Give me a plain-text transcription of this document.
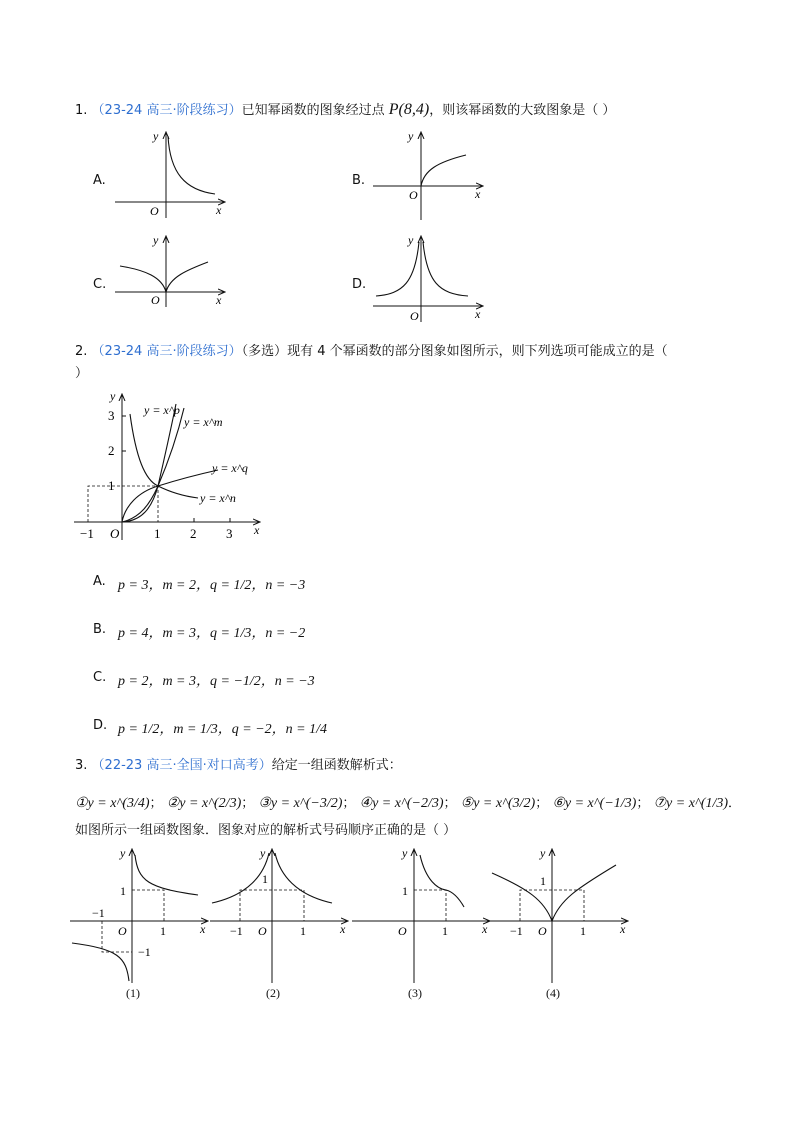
1. （23-24 高三·阶段练习）已知幂函数的图象经过点 P(8,4)，则该幂函数的大致图象是（ ）
A.	B.
C.	D.
y
x
O
y
x
O
y
x
O
y
x
O
2. （23-24 高三·阶段练习）（多选）现有 4 个幂函数的部分图象如图所示，则下列选项可能成立的是（
）
y
x
O
−1	1 2 3
1
2
3 y = x^p
y = x^m
y = x^q
y = x^n
A. p = 3，m = 2，q = 1/2，n = −3
B. p = 4，m = 3，q = 1/3，n = −2
C. p = 2，m = 3，q = −1/2，n = −3
D. p = 1/2，m = 1/3，q = −2，n = 1/4
3. （22-23 高三·全国·对口高考）给定一组函数解析式：
①y = x^(3/4)； ②y = x^(2/3)； ③y = x^(−3/2)； ④y = x^(−2/3)； ⑤y = x^(3/2)； ⑥y = x^(−1/3)； ⑦y = x^(1/3)．
如图所示一组函数图象．图象对应的解析式号码顺序正确的是（ ）
y
x
O
1
1
−1
−1
(1)
y
x
O
1
1
−1
(2)
y
x
O
1
1
(3)
y
x
O
1
1
−1
(4)
